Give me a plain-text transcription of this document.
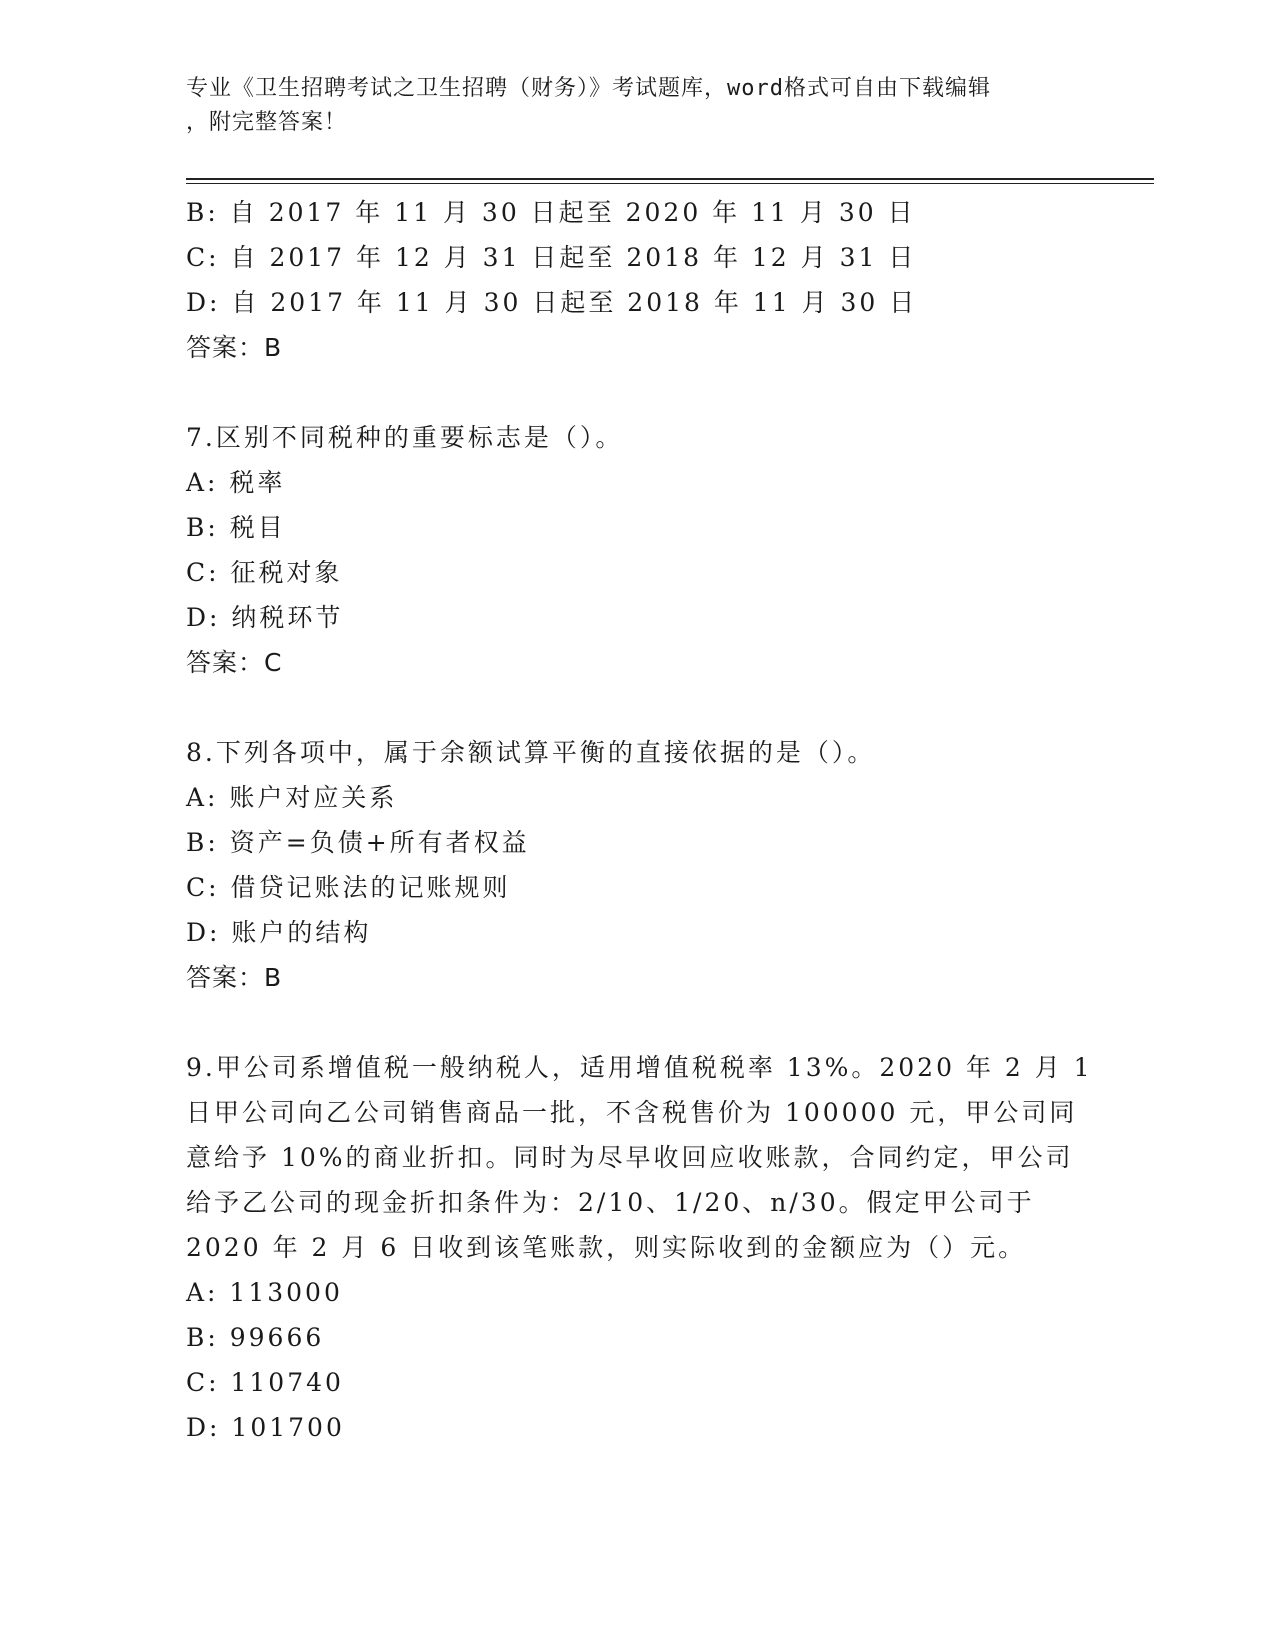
专业《卫生招聘考试之卫生招聘（财务）》考试题库，word格式可自由下载编辑
，附完整答案！
B: 自 2017 年 11 月 30 日起至 2020 年 11 月 30 日
C: 自 2017 年 12 月 31 日起至 2018 年 12 月 31 日
D: 自 2017 年 11 月 30 日起至 2018 年 11 月 30 日
答案：B
7.区别不同税种的重要标志是（）。
A: 税率
B: 税目
C: 征税对象
D: 纳税环节
答案：C
8.下列各项中，属于余额试算平衡的直接依据的是（）。
A: 账户对应关系
B: 资产=负债+所有者权益
C: 借贷记账法的记账规则
D: 账户的结构
答案：B
9.甲公司系增值税一般纳税人，适用增值税税率 13%。2020 年 2 月 1
日甲公司向乙公司销售商品一批，不含税售价为 100000 元，甲公司同
意给予 10%的商业折扣。同时为尽早收回应收账款，合同约定，甲公司
给予乙公司的现金折扣条件为：2/10、1/20、n/30。假定甲公司于
2020 年 2 月 6 日收到该笔账款，则实际收到的金额应为（）元。
A: 113000
B: 99666
C: 110740
D: 101700
